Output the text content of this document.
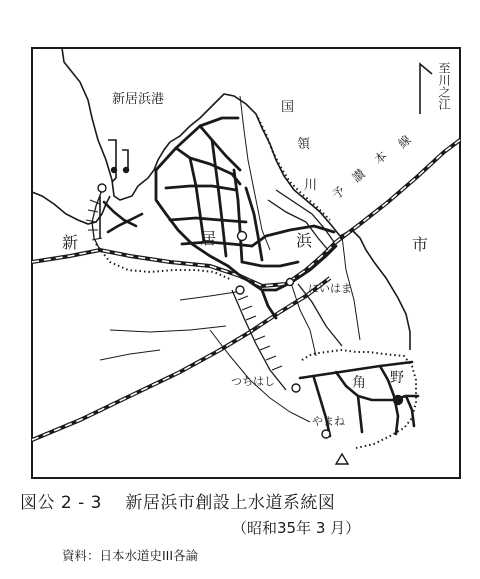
新居浜港
新	居	浜	市
国
領
川 予
讃
本
線
にいはま
つちはし
やまね
角 野
至川之江
図公 2 - 3　 新居浜市創設上水道系統図
（昭和35年 3 月）
資料：日本水道史III各論
